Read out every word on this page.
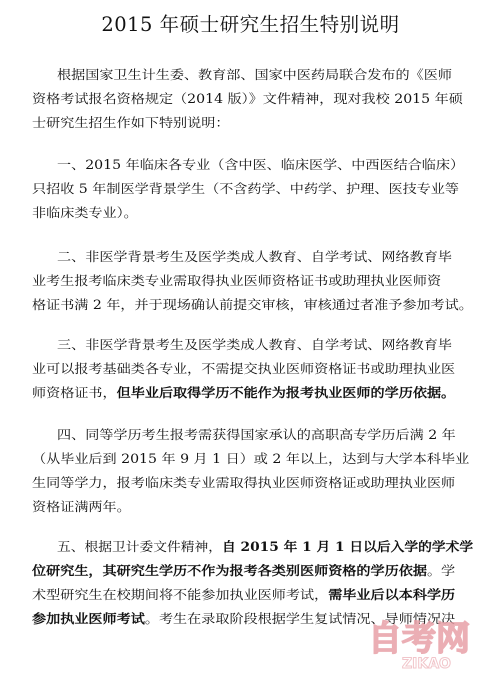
2015 年硕士研究生招生特别说明
根据国家卫生计生委、教育部、国家中医药局联合发布的《医师
资格考试报名资格规定（2014 版）》文件精神，现对我校 2015 年硕
士研究生招生作如下特别说明：
一、2015 年临床各专业（含中医、临床医学、中西医结合临床）
只招收 5 年制医学背景学生（不含药学、中药学、护理、医技专业等
非临床类专业）。
二、非医学背景考生及医学类成人教育、自学考试、网络教育毕
业考生报考临床类专业需取得执业医师资格证书或助理执业医师资
格证书满 2 年，并于现场确认前提交审核，审核通过者准予参加考试。
三、非医学背景考生及医学类成人教育、自学考试、网络教育毕
业可以报考基础类各专业，不需提交执业医师资格证书或助理执业医
师资格证书，但毕业后取得学历不能作为报考执业医师的学历依据。
四、同等学历考生报考需获得国家承认的高职高专学历后满 2 年
（从毕业后到 2015 年 9 月 1 日）或 2 年以上，达到与大学本科毕业
生同等学力，报考临床类专业需取得执业医师资格证或助理执业医师
资格证满两年。
五、根据卫计委文件精神，自 2015 年 1 月 1 日以后入学的学术学
位研究生，其研究生学历不作为报考各类别医师资格的学历依据。学
术型研究生在校期间将不能参加执业医师考试，需毕业后以本科学历
参加执业医师考试。考生在录取阶段根据学生复试情况、导师情况决
自考网
ZIKAO
